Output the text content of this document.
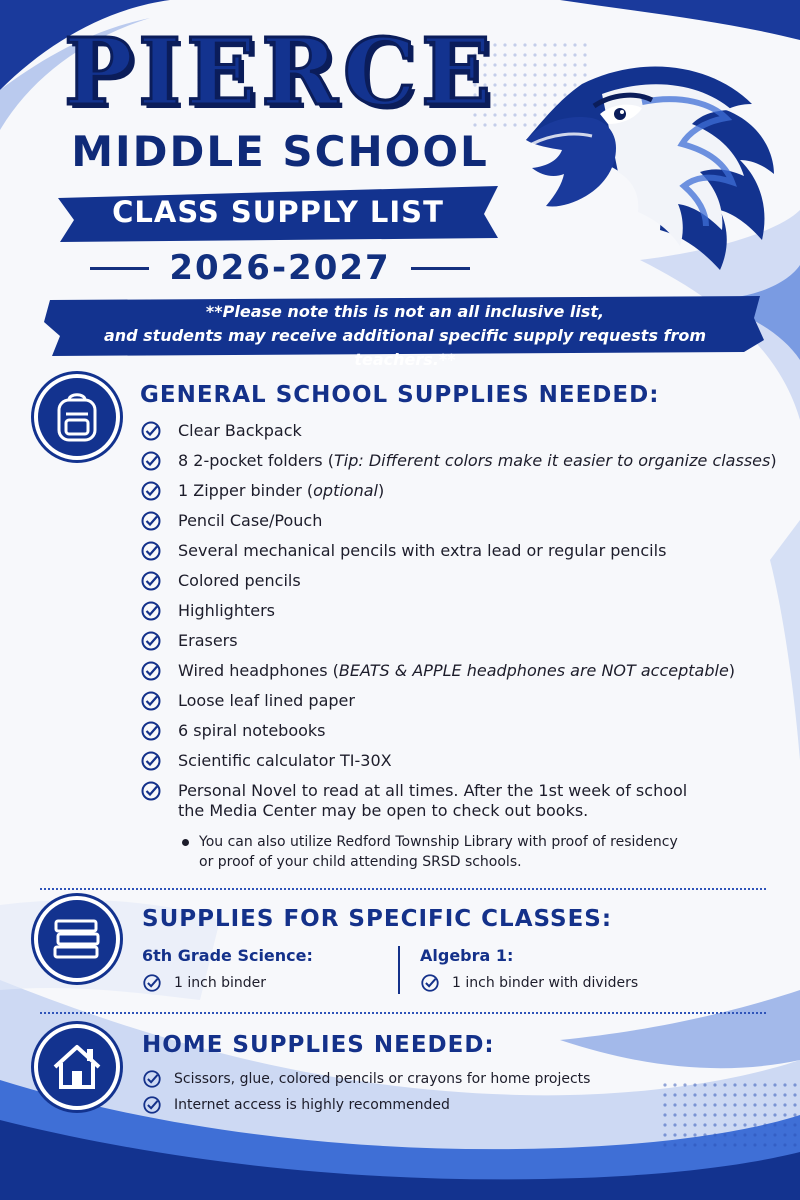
PIERCE
MIDDLE SCHOOL
CLASS SUPPLY LIST
2026-2027
**Please note this is not an all inclusive list,
and students may receive additional specific supply requests from teachers.**
GENERAL SCHOOL SUPPLIES NEEDED:
Clear Backpack
8 2-pocket folders (Tip: Different colors make it easier to organize classes)
1 Zipper binder (optional)
Pencil Case/Pouch
Several mechanical pencils with extra lead or regular pencils
Colored pencils
Highlighters
Erasers
Wired headphones (BEATS & APPLE headphones are NOT acceptable)
Loose leaf lined paper
6 spiral notebooks
Scientific calculator TI-30X
Personal Novel to read at all times. After the 1st week of school
the Media Center may be open to check out books.
You can also utilize Redford Township Library with proof of residency
or proof of your child attending SRSD schools.
SUPPLIES FOR SPECIFIC CLASSES:
6th Grade Science:
1 inch binder
Algebra 1:
1 inch binder with dividers
HOME SUPPLIES NEEDED:
Scissors, glue, colored pencils or crayons for home projects
Internet access is highly recommended
